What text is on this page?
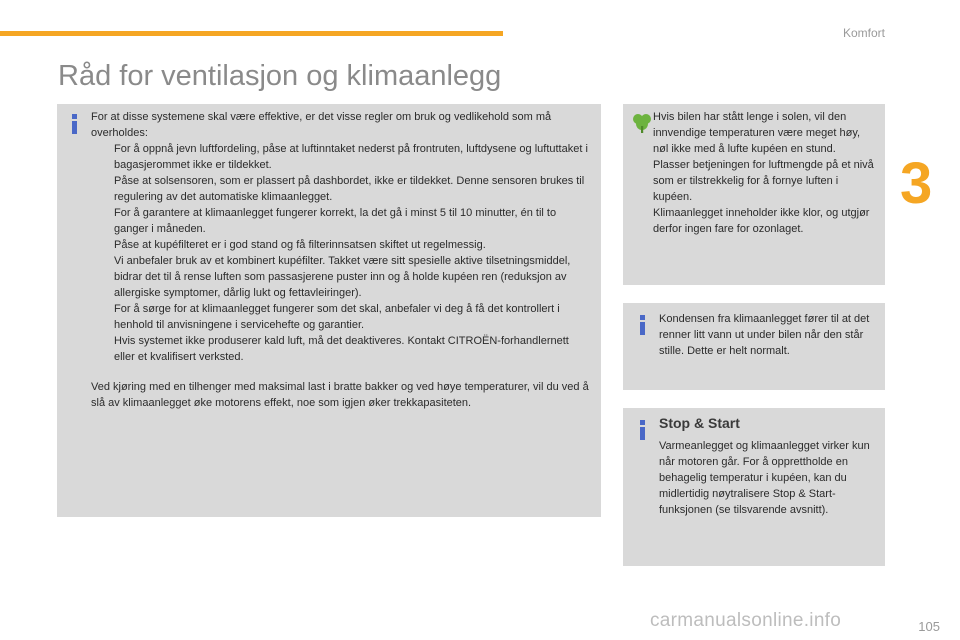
Komfort
3
Råd for ventilasjon og klimaanlegg
For at disse systemene skal være effektive, er det visse regler om bruk og vedlikehold som må overholdes:
For å oppnå jevn luftfordeling, påse at luftinntaket nederst på frontruten, luftdysene og luftuttaket i bagasjerommet ikke er tildekket.
Påse at solsensoren, som er plassert på dashbordet, ikke er tildekket. Denne sensoren brukes til regulering av det automatiske klimaanlegget.
For å garantere at klimaanlegget fungerer korrekt, la det gå i minst 5 til 10 minutter, én til to ganger i måneden.
Påse at kupéfilteret er i god stand og få filterinnsatsen skiftet ut regelmessig.
Vi anbefaler bruk av et kombinert kupéfilter. Takket være sitt spesielle aktive tilsetningsmiddel, bidrar det til å rense luften som passasjerene puster inn og å holde kupéen ren (reduksjon av allergiske symptomer, dårlig lukt og fettavleiringer).
For å sørge for at klimaanlegget fungerer som det skal, anbefaler vi deg å få det kontrollert i henhold til anvisningene i servicehefte og garantier.
Hvis systemet ikke produserer kald luft, må det deaktiveres. Kontakt CITROËN-forhandlernett eller et kvalifisert verksted.
Ved kjøring med en tilhenger med maksimal last i bratte bakker og ved høye temperaturer, vil du ved å slå av klimaanlegget øke motorens effekt, noe som igjen øker trekkapasiteten.
Hvis bilen har stått lenge i solen, vil den innvendige temperaturen være meget høy, nøl ikke med å lufte kupéen en stund.
Plasser betjeningen for luftmengde på et nivå som er tilstrekkelig for å fornye luften i kupéen.
Klimaanlegget inneholder ikke klor, og utgjør derfor ingen fare for ozonlaget.
Kondensen fra klimaanlegget fører til at det renner litt vann ut under bilen når den står stille. Dette er helt normalt.
Stop & Start
Varmeanlegget og klimaanlegget virker kun når motoren går. For å opprettholde en behagelig temperatur i kupéen, kan du midlertidig nøytralisere Stop & Start-funksjonen (se tilsvarende avsnitt).
105
carmanualsonline.info
